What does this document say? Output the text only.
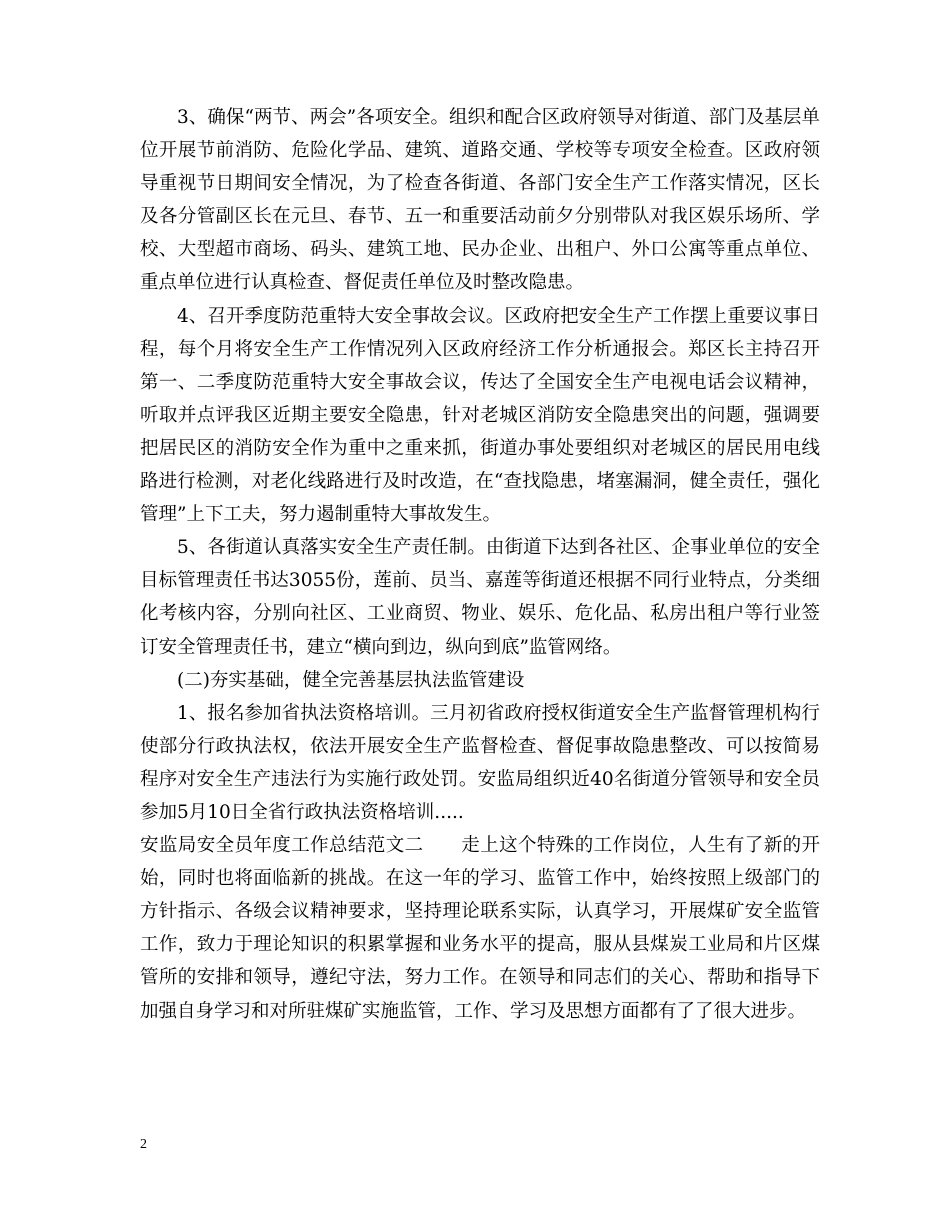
3、确保“两节、两会”各项安全。组织和配合区政府领导对街道、部门及基层单位开展节前消防、危险化学品、建筑、道路交通、学校等专项安全检查。区政府领导重视节日期间安全情况，为了检查各街道、各部门安全生产工作落实情况，区长及各分管副区长在元旦、春节、五一和重要活动前夕分别带队对我区娱乐场所、学校、大型超市商场、码头、建筑工地、民办企业、出租户、外口公寓等重点单位、重点单位进行认真检查、督促责任单位及时整改隐患。

4、召开季度防范重特大安全事故会议。区政府把安全生产工作摆上重要议事日程，每个月将安全生产工作情况列入区政府经济工作分析通报会。郑区长主持召开第一、二季度防范重特大安全事故会议，传达了全国安全生产电视电话会议精神，听取并点评我区近期主要安全隐患，针对老城区消防安全隐患突出的问题，强调要把居民区的消防安全作为重中之重来抓，街道办事处要组织对老城区的居民用电线路进行检测，对老化线路进行及时改造，在“查找隐患，堵塞漏洞，健全责任，强化管理”上下工夫，努力遏制重特大事故发生。

5、各街道认真落实安全生产责任制。由街道下达到各社区、企事业单位的安全目标管理责任书达3055份，莲前、员当、嘉莲等街道还根据不同行业特点，分类细化考核内容，分别向社区、工业商贸、物业、娱乐、危化品、私房出租户等行业签订安全管理责任书，建立“横向到边，纵向到底”监管网络。

(二)夯实基础，健全完善基层执法监管建设

1、报名参加省执法资格培训。三月初省政府授权街道安全生产监督管理机构行使部分行政执法权，依法开展安全生产监督检查、督促事故隐患整改、可以按简易程序对安全生产违法行为实施行政处罚。安监局组织近40名街道分管领导和安全员参加5月10日全省行政执法资格培训.....

安监局安全员年度工作总结范文二　　走上这个特殊的工作岗位，人生有了新的开始，同时也将面临新的挑战。在这一年的学习、监管工作中，始终按照上级部门的方针指示、各级会议精神要求，坚持理论联系实际，认真学习，开展煤矿安全监管工作，致力于理论知识的积累掌握和业务水平的提高，服从县煤炭工业局和片区煤管所的安排和领导，遵纪守法，努力工作。在领导和同志们的关心、帮助和指导下加强自身学习和对所驻煤矿实施监管，工作、学习及思想方面都有了了很大进步。

2
